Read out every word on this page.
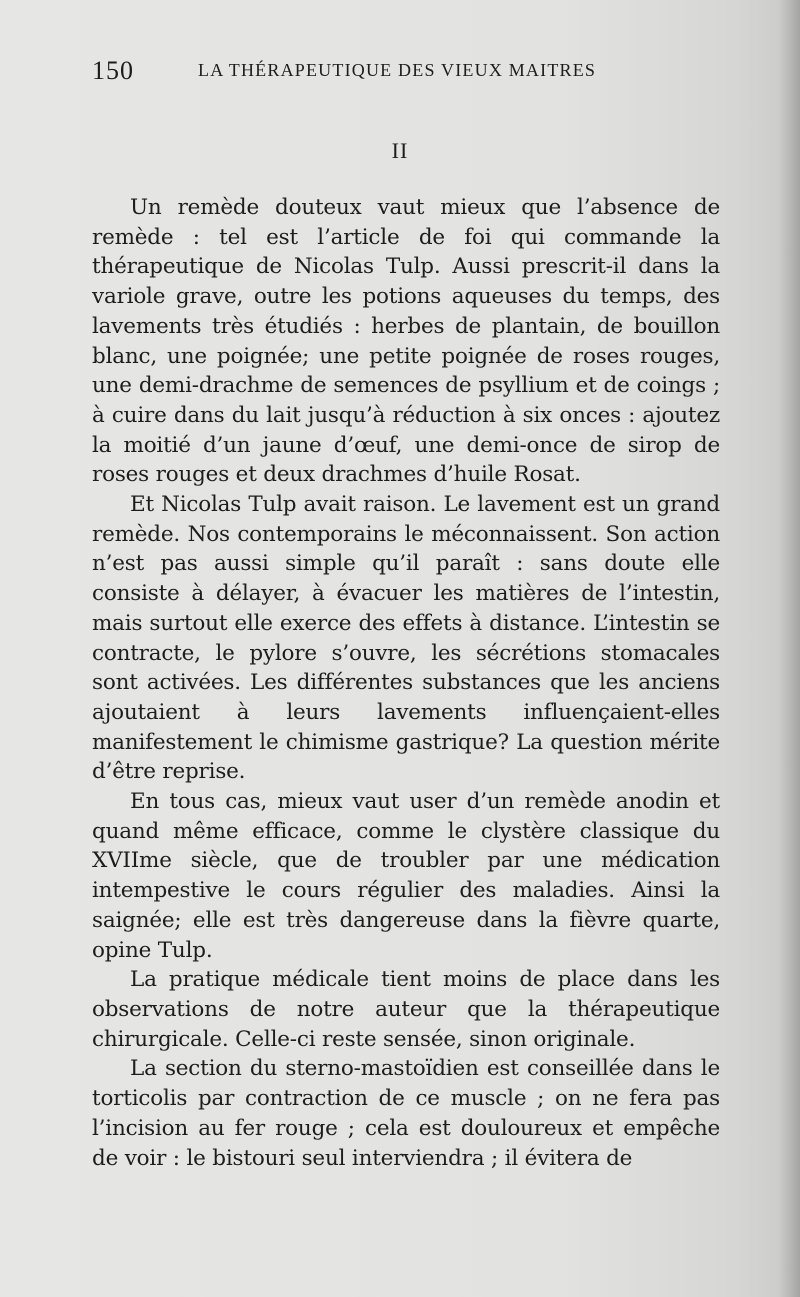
150	LA THÉRAPEUTIQUE DES VIEUX MAITRES
II

Un remède douteux vaut mieux que l’absence de remède : tel est l’article de foi qui commande la thérapeutique de Nicolas Tulp. Aussi prescrit-il dans la variole grave, outre les potions aqueuses du temps, des lavements très étudiés : herbes de plantain, de bouillon blanc, une poignée; une petite poignée de roses rouges, une demi-drachme de semences de psyllium et de coings ; à cuire dans du lait jusqu’à réduction à six onces : ajoutez la moitié d’un jaune d’œuf, une demi-once de sirop de roses rouges et deux drachmes d’huile Rosat.

Et Nicolas Tulp avait raison. Le lavement est un grand remède. Nos contemporains le méconnaissent. Son action n’est pas aussi simple qu’il paraît : sans doute elle consiste à délayer, à évacuer les matières de l’intestin, mais surtout elle exerce des effets à distance. L’intestin se contracte, le pylore s’ouvre, les sécrétions stomacales sont activées. Les différentes substances que les anciens ajoutaient à leurs lavements influençaient-elles manifestement le chimisme gastrique? La question mérite d’être reprise.

En tous cas, mieux vaut user d’un remède anodin et quand même efficace, comme le clystère classique du XVIIme siècle, que de troubler par une médication intempestive le cours régulier des maladies. Ainsi la saignée; elle est très dangereuse dans la fièvre quarte, opine Tulp.

La pratique médicale tient moins de place dans les observations de notre auteur que la thérapeutique chirurgicale. Celle-ci reste sensée, sinon originale.

La section du sterno-mastoïdien est conseillée dans le torticolis par contraction de ce muscle ; on ne fera pas l’incision au fer rouge ; cela est douloureux et empêche de voir : le bistouri seul interviendra ; il évitera de
